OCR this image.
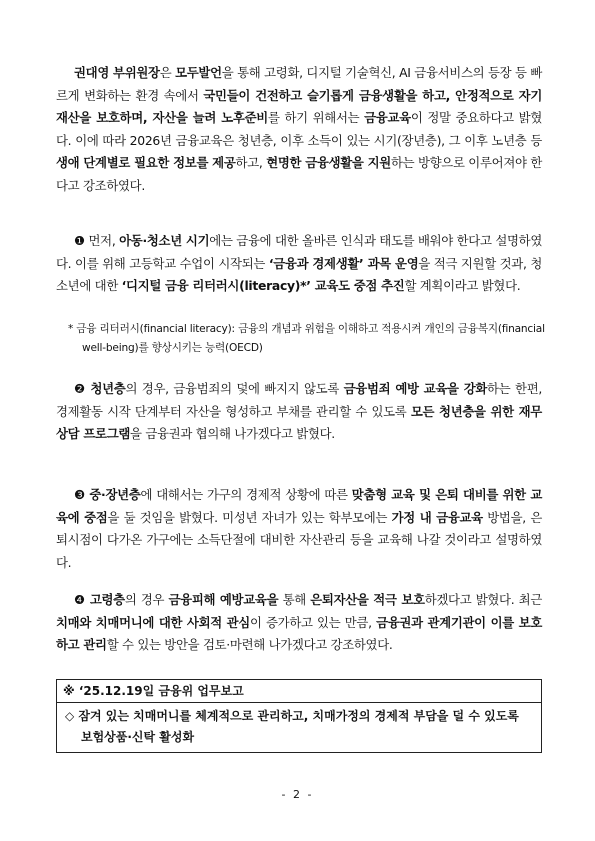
권대영 부위원장은 모두발언을 통해 고령화, 디지털 기술혁신, AI 금융서비스의 등장 등 빠르게 변화하는 환경 속에서 국민들이 건전하고 슬기롭게 금융생활을 하고, 안정적으로 자기 재산을 보호하며, 자산을 늘려 노후준비를 하기 위해서는 금융교육이 정말 중요하다고 밝혔다. 이에 따라 2026년 금융교육은 청년층, 이후 소득이 있는 시기(장년층), 그 이후 노년층 등 생애 단계별로 필요한 정보를 제공하고, 현명한 금융생활을 지원하는 방향으로 이루어져야 한다고 강조하였다.

❶ 먼저, 아동·청소년 시기에는 금융에 대한 올바른 인식과 태도를 배워야 한다고 설명하였다. 이를 위해 고등학교 수업이 시작되는 ‘금융과 경제생활’ 과목 운영을 적극 지원할 것과, 청소년에 대한 ‘디지털 금융 리터러시(literacy)*’ 교육도 중점 추진할 계획이라고 밝혔다.

* 금융 리터러시(financial literacy): 금융의 개념과 위험을 이해하고 적용시켜 개인의 금융복지(financial well-being)를 향상시키는 능력(OECD)

❷ 청년층의 경우, 금융범죄의 덫에 빠지지 않도록 금융범죄 예방 교육을 강화하는 한편, 경제활동 시작 단계부터 자산을 형성하고 부채를 관리할 수 있도록 모든 청년층을 위한 재무상담 프로그램을 금융권과 협의해 나가겠다고 밝혔다.

❸ 중·장년층에 대해서는 가구의 경제적 상황에 따른 맞춤형 교육 및 은퇴 대비를 위한 교육에 중점을 둘 것임을 밝혔다. 미성년 자녀가 있는 학부모에는 가정 내 금융교육 방법을, 은퇴시점이 다가온 가구에는 소득단절에 대비한 자산관리 등을 교육해 나갈 것이라고 설명하였다.

❹ 고령층의 경우 금융피해 예방교육을 통해 은퇴자산을 적극 보호하겠다고 밝혔다. 최근 치매와 치매머니에 대한 사회적 관심이 증가하고 있는 만큼, 금융권과 관계기관이 이를 보호하고 관리할 수 있는 방안을 검토·마련해 나가겠다고 강조하였다.

※ ‘25.12.19일 금융위 업무보고
◇ 잠겨 있는 치매머니를 체계적으로 관리하고, 치매가정의 경제적 부담을 덜 수 있도록 보험상품·신탁 활성화
- 2 -
